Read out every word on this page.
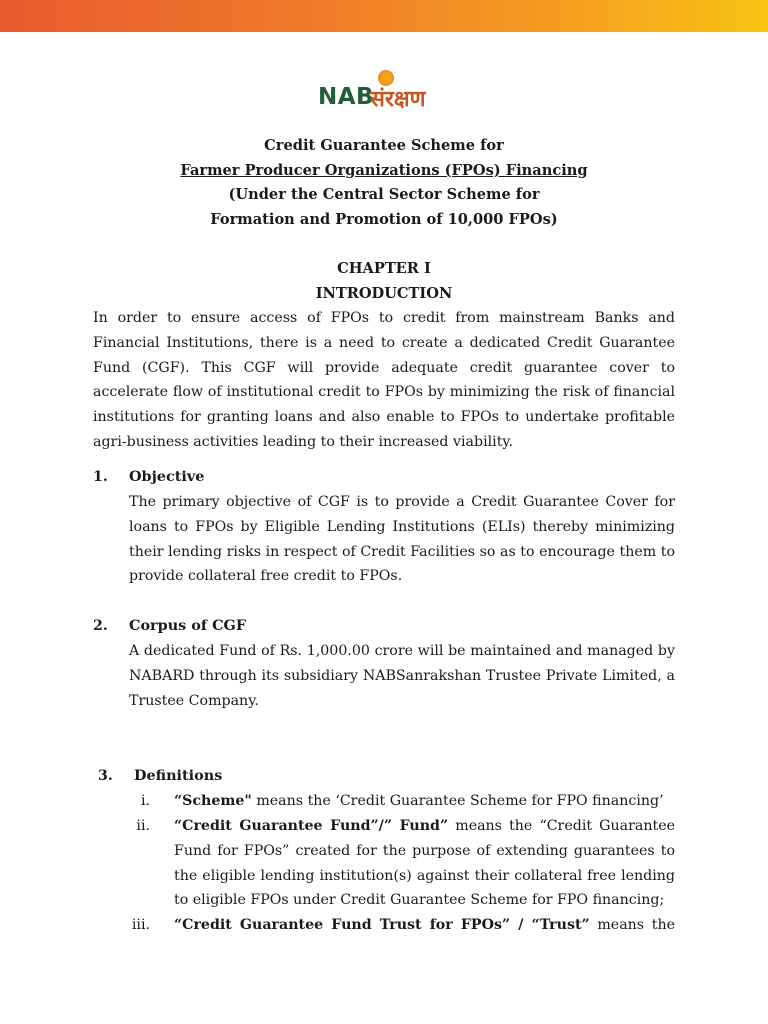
NAB
संरक्षण
Credit Guarantee Scheme for
Farmer Producer Organizations (FPOs) Financing
(Under the Central Sector Scheme for
Formation and Promotion of 10,000 FPOs)
CHAPTER I
INTRODUCTION
In order to ensure access of FPOs to credit from mainstream Banks and Financial Institutions, there is a need to create a dedicated Credit Guarantee Fund (CGF). This CGF will provide adequate credit guarantee cover to accelerate flow of institutional credit to FPOs by minimizing the risk of financial institutions for granting loans and also enable to FPOs to undertake profitable agri-business activities leading to their increased viability.
1. Objective
The primary objective of CGF is to provide a Credit Guarantee Cover for loans to FPOs by Eligible Lending Institutions (ELIs) thereby minimizing their lending risks in respect of Credit Facilities so as to encourage them to provide collateral free credit to FPOs.
2. Corpus of CGF
A dedicated Fund of Rs. 1,000.00 crore will be maintained and managed by NABARD through its subsidiary NABSanrakshan Trustee Private Limited, a Trustee Company.
3. Definitions
i. “Scheme" means the ‘Credit Guarantee Scheme for FPO financing’
ii. “Credit Guarantee Fund”/” Fund” means the “Credit Guarantee Fund for FPOs” created for the purpose of extending guarantees to the eligible lending institution(s) against their collateral free lending to eligible FPOs under Credit Guarantee Scheme for FPO financing;
iii. “Credit Guarantee Fund Trust for FPOs” / “Trust” means the
